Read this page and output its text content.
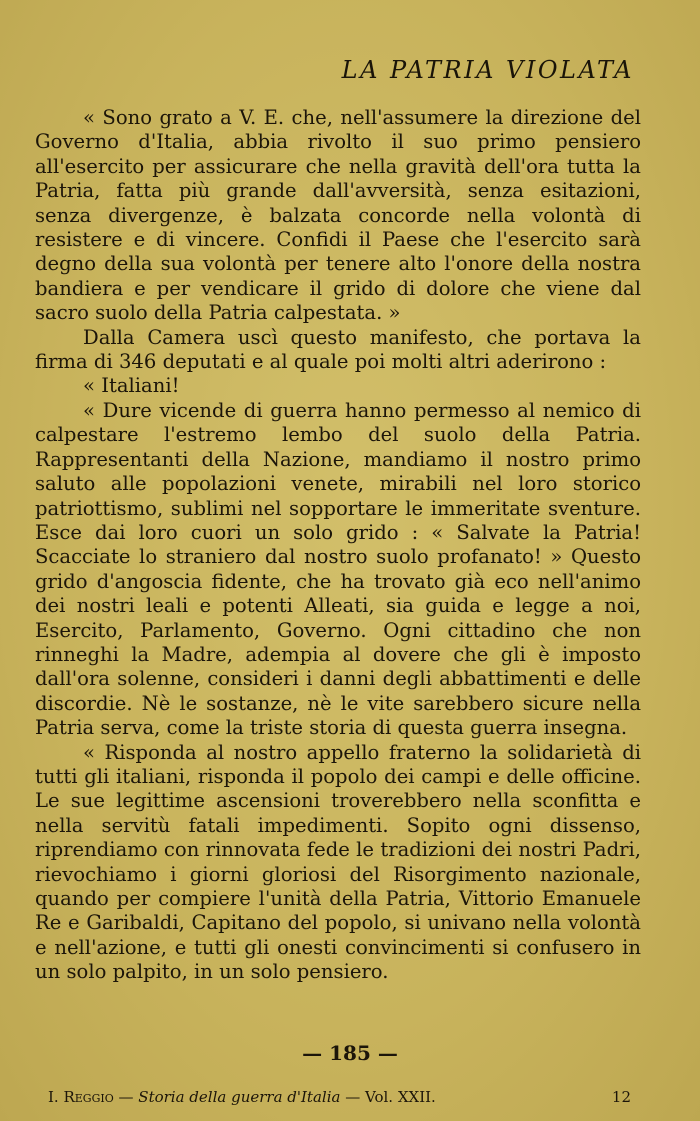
LA PATRIA VIOLATA

« Sono grato a V. E. che, nell'assumere la direzione del Governo d'Italia, abbia rivolto il suo primo pensiero all'esercito per assicurare che nella gravità dell'ora tutta la Patria, fatta più grande dall'avversità, senza esitazioni, senza divergenze, è balzata concorde nella volontà di resistere e di vincere. Confidi il Paese che l'esercito sarà degno della sua volontà per tenere alto l'onore della nostra bandiera e per vendicare il grido di dolore che viene dal sacro suolo della Patria calpestata. »

Dalla Camera uscì questo manifesto, che portava la firma di 346 deputati e al quale poi molti altri aderirono :

« Italiani!

« Dure vicende di guerra hanno permesso al nemico di calpestare l'estremo lembo del suolo della Patria. Rappresentanti della Nazione, mandiamo il nostro primo saluto alle popolazioni venete, mirabili nel loro storico patriottismo, sublimi nel sopportare le immeritate sventure. Esce dai loro cuori un solo grido : « Salvate la Patria! Scacciate lo straniero dal nostro suolo profanato! » Questo grido d'angoscia fidente, che ha trovato già eco nell'animo dei nostri leali e potenti Alleati, sia guida e legge a noi, Esercito, Parlamento, Governo. Ogni cittadino che non rinneghi la Madre, adempia al dovere che gli è imposto dall'ora solenne, consideri i danni degli abbattimenti e delle discordie. Nè le sostanze, nè le vite sarebbero sicure nella Patria serva, come la triste storia di questa guerra insegna.

« Risponda al nostro appello fraterno la solidarietà di tutti gli italiani, risponda il popolo dei campi e delle officine. Le sue legittime ascensioni troverebbero nella sconfitta e nella servitù fatali impedimenti. Sopito ogni dissenso, riprendiamo con rinnovata fede le tradizioni dei nostri Padri, rievochiamo i giorni gloriosi del Risorgimento nazionale, quando per compiere l'unità della Patria, Vittorio Emanuele Re e Garibaldi, Capitano del popolo, si univano nella volontà e nell'azione, e tutti gli onesti convincimenti si confusero in un solo palpito, in un solo pensiero.

— 185 —
I. Reggio — Storia della guerra d'Italia — Vol. XXII.	12
